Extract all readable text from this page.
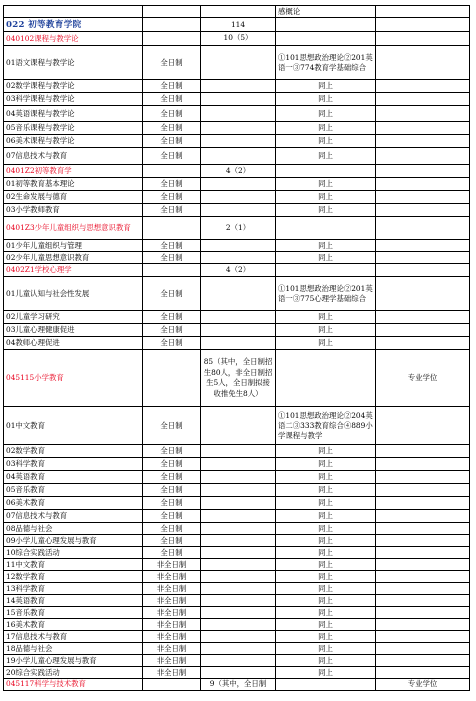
			感概论	
022 初等教育学院		114		
040102课程与教学论		10（5）		
01语文课程与教学论	全日制		①101思想政治理论②201英语一③774教育学基础综合	
02数学课程与教学论	全日制		同上	
03科学课程与教学论	全日制		同上	
04英语课程与教学论	全日制		同上	
05音乐课程与教学论	全日制		同上	
06美术课程与教学论	全日制		同上	
07信息技术与教育	全日制		同上	
0401Z2初等教育学		4（2）		
01初等教育基本理论	全日制		同上	
02生命发展与德育	全日制		同上	
03小学教师教育	全日制		同上	
0401Z3少年儿童组织与思想意识教育		2（1）		
01少年儿童组织与管理	全日制		同上	
02少年儿童思想意识教育	全日制		同上	
0402Z1学校心理学		4（2）		
01儿童认知与社会性发展	全日制		①101思想政治理论②201英语一③775心理学基础综合	
02儿童学习研究	全日制		同上	
03儿童心理健康促进	全日制		同上	
04教师心理促进	全日制		同上	
045115小学教育		85（其中，全日制招生80人，非全日制招生5人，全日制拟接收推免生8人）		专业学位
01中文教育	全日制		①101思想政治理论②204英语二③333教育综合④889小学课程与教学	
02数学教育	全日制		同上	
03科学教育	全日制		同上	
04英语教育	全日制		同上	
05音乐教育	全日制		同上	
06美术教育	全日制		同上	
07信息技术与教育	全日制		同上	
08品德与社会	全日制		同上	
09小学儿童心理发展与教育	全日制		同上	
10综合实践活动	全日制		同上	
11中文教育	非全日制		同上	
12数学教育	非全日制		同上	
13科学教育	非全日制		同上	
14英语教育	非全日制		同上	
15音乐教育	非全日制		同上	
16美术教育	非全日制		同上	
17信息技术与教育	非全日制		同上	
18品德与社会	非全日制		同上	
19小学儿童心理发展与教育	非全日制		同上	
20综合实践活动	非全日制		同上	
045117科学与技术教育		9（其中，全日制		专业学位
